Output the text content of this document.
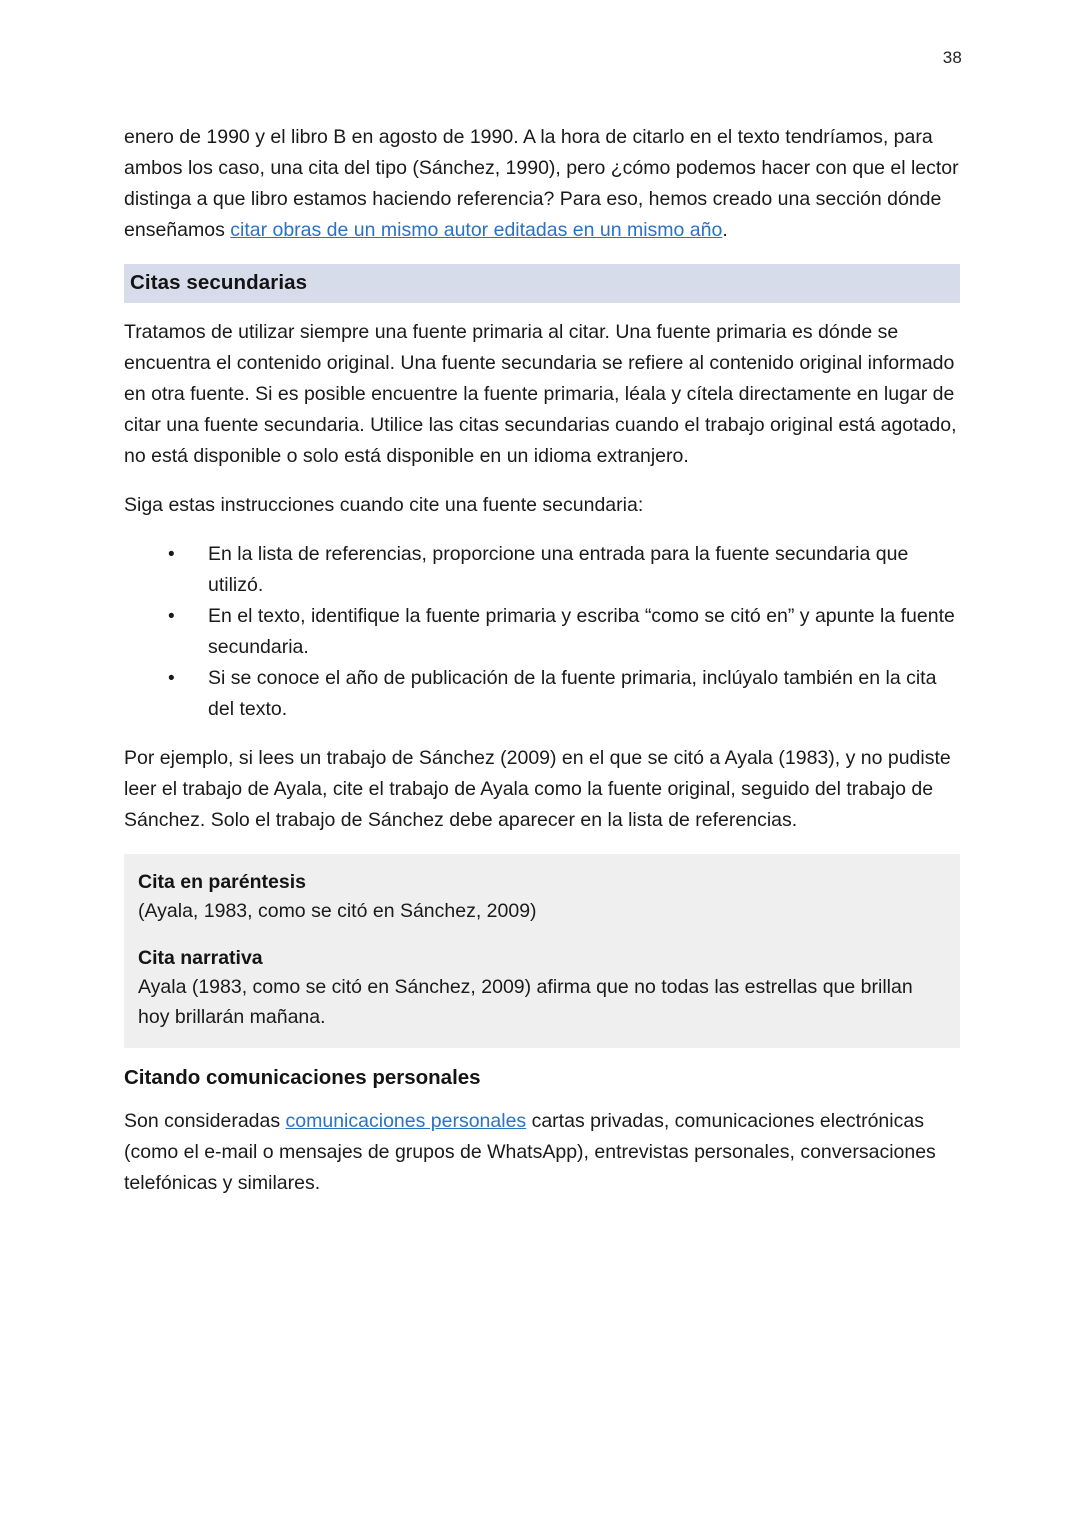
38

enero de 1990 y el libro B en agosto de 1990. A la hora de citarlo en el texto tendríamos, para ambos los caso, una cita del tipo (Sánchez, 1990), pero ¿cómo podemos hacer con que el lector distinga a que libro estamos haciendo referencia? Para eso, hemos creado una sección dónde enseñamos citar obras de un mismo autor editadas en un mismo año.

Citas secundarias

Tratamos de utilizar siempre una fuente primaria al citar. Una fuente primaria es dónde se encuentra el contenido original. Una fuente secundaria se refiere al contenido original informado en otra fuente. Si es posible encuentre la fuente primaria, léala y cítela directamente en lugar de citar una fuente secundaria. Utilice las citas secundarias cuando el trabajo original está agotado, no está disponible o solo está disponible en un idioma extranjero.

Siga estas instrucciones cuando cite una fuente secundaria:

• En la lista de referencias, proporcione una entrada para la fuente secundaria que utilizó.
• En el texto, identifique la fuente primaria y escriba “como se citó en” y apunte la fuente secundaria.
• Si se conoce el año de publicación de la fuente primaria, inclúyalo también en la cita del texto.

Por ejemplo, si lees un trabajo de Sánchez (2009) en el que se citó a Ayala (1983), y no pudiste leer el trabajo de Ayala, cite el trabajo de Ayala como la fuente original, seguido del trabajo de Sánchez. Solo el trabajo de Sánchez debe aparecer en la lista de referencias.

Cita en paréntesis

(Ayala, 1983, como se citó en Sánchez, 2009)

Cita narrativa

Ayala (1983, como se citó en Sánchez, 2009) afirma que no todas las estrellas que brillan hoy brillarán mañana.

Citando comunicaciones personales

Son consideradas comunicaciones personales cartas privadas, comunicaciones electrónicas (como el e-mail o mensajes de grupos de WhatsApp), entrevistas personales, conversaciones telefónicas y similares.
